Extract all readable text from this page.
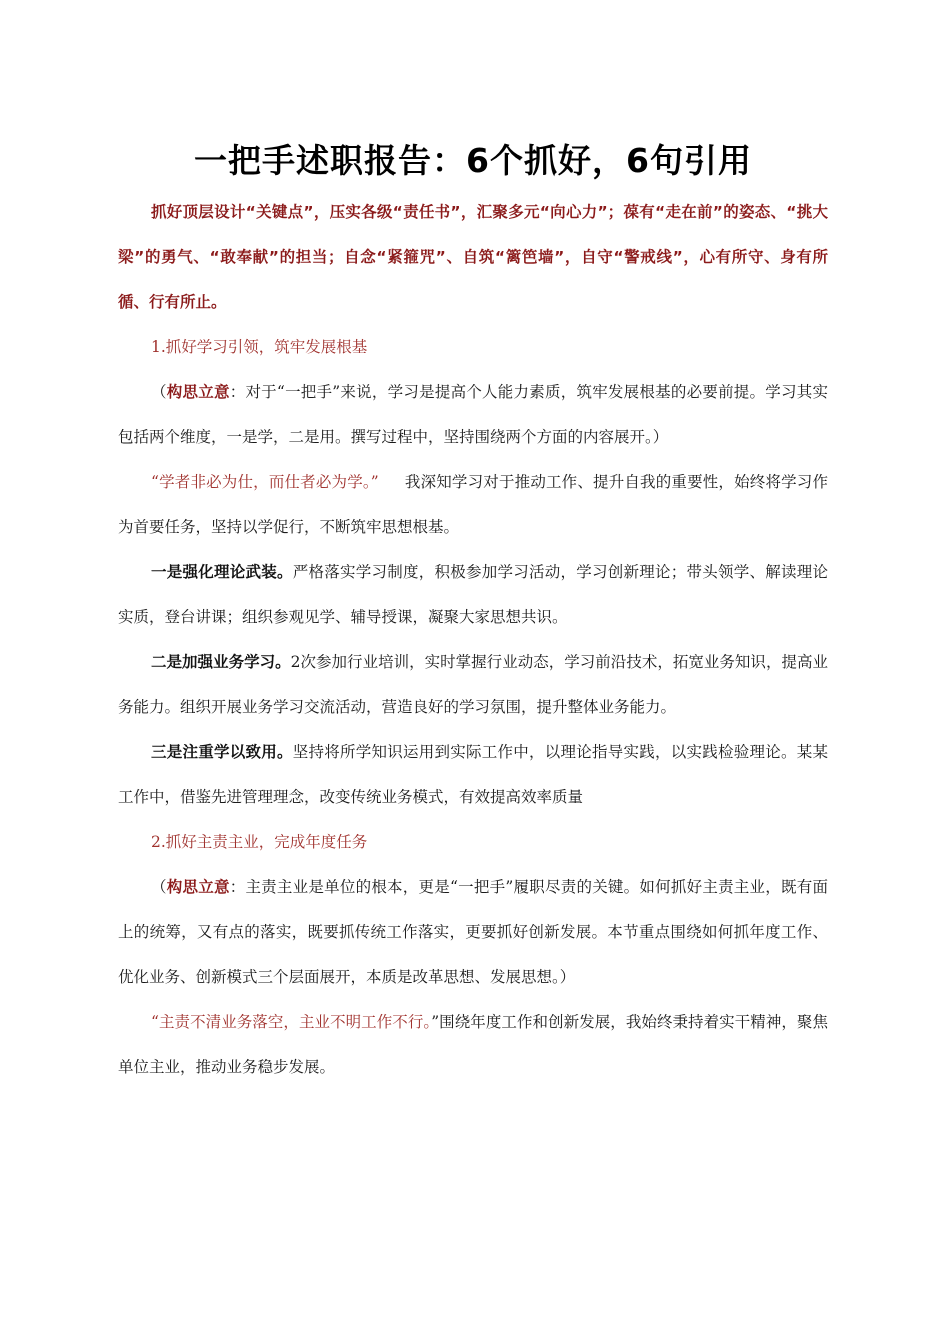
一把手述职报告：6个抓好，6句引用

抓好顶层设计“关键点”，压实各级“责任书”，汇聚多元“向心力”；葆有“走在前”的姿态、“挑大梁”的勇气、“敢奉献”的担当；自念“紧箍咒”、自筑“篱笆墙”，自守“警戒线”，心有所守、身有所循、行有所止。

1.抓好学习引领，筑牢发展根基

（构思立意：对于“一把手”来说，学习是提高个人能力素质，筑牢发展根基的必要前提。学习其实包括两个维度，一是学，二是用。撰写过程中，坚持围绕两个方面的内容展开。）

“学者非必为仕，而仕者必为学。” 我深知学习对于推动工作、提升自我的重要性，始终将学习作为首要任务，坚持以学促行，不断筑牢思想根基。

一是强化理论武装。严格落实学习制度，积极参加学习活动，学习创新理论；带头领学、解读理论实质，登台讲课；组织参观见学、辅导授课，凝聚大家思想共识。

二是加强业务学习。2次参加行业培训，实时掌握行业动态，学习前沿技术，拓宽业务知识，提高业务能力。组织开展业务学习交流活动，营造良好的学习氛围，提升整体业务能力。

三是注重学以致用。坚持将所学知识运用到实际工作中，以理论指导实践，以实践检验理论。某某工作中，借鉴先进管理理念，改变传统业务模式，有效提高效率质量

2.抓好主责主业，完成年度任务

（构思立意：主责主业是单位的根本，更是“一把手”履职尽责的关键。如何抓好主责主业，既有面上的统筹，又有点的落实，既要抓传统工作落实，更要抓好创新发展。本节重点围绕如何抓年度工作、优化业务、创新模式三个层面展开，本质是改革思想、发展思想。）

“主责不清业务落空，主业不明工作不行。”围绕年度工作和创新发展，我始终秉持着实干精神，聚焦单位主业，推动业务稳步发展。
